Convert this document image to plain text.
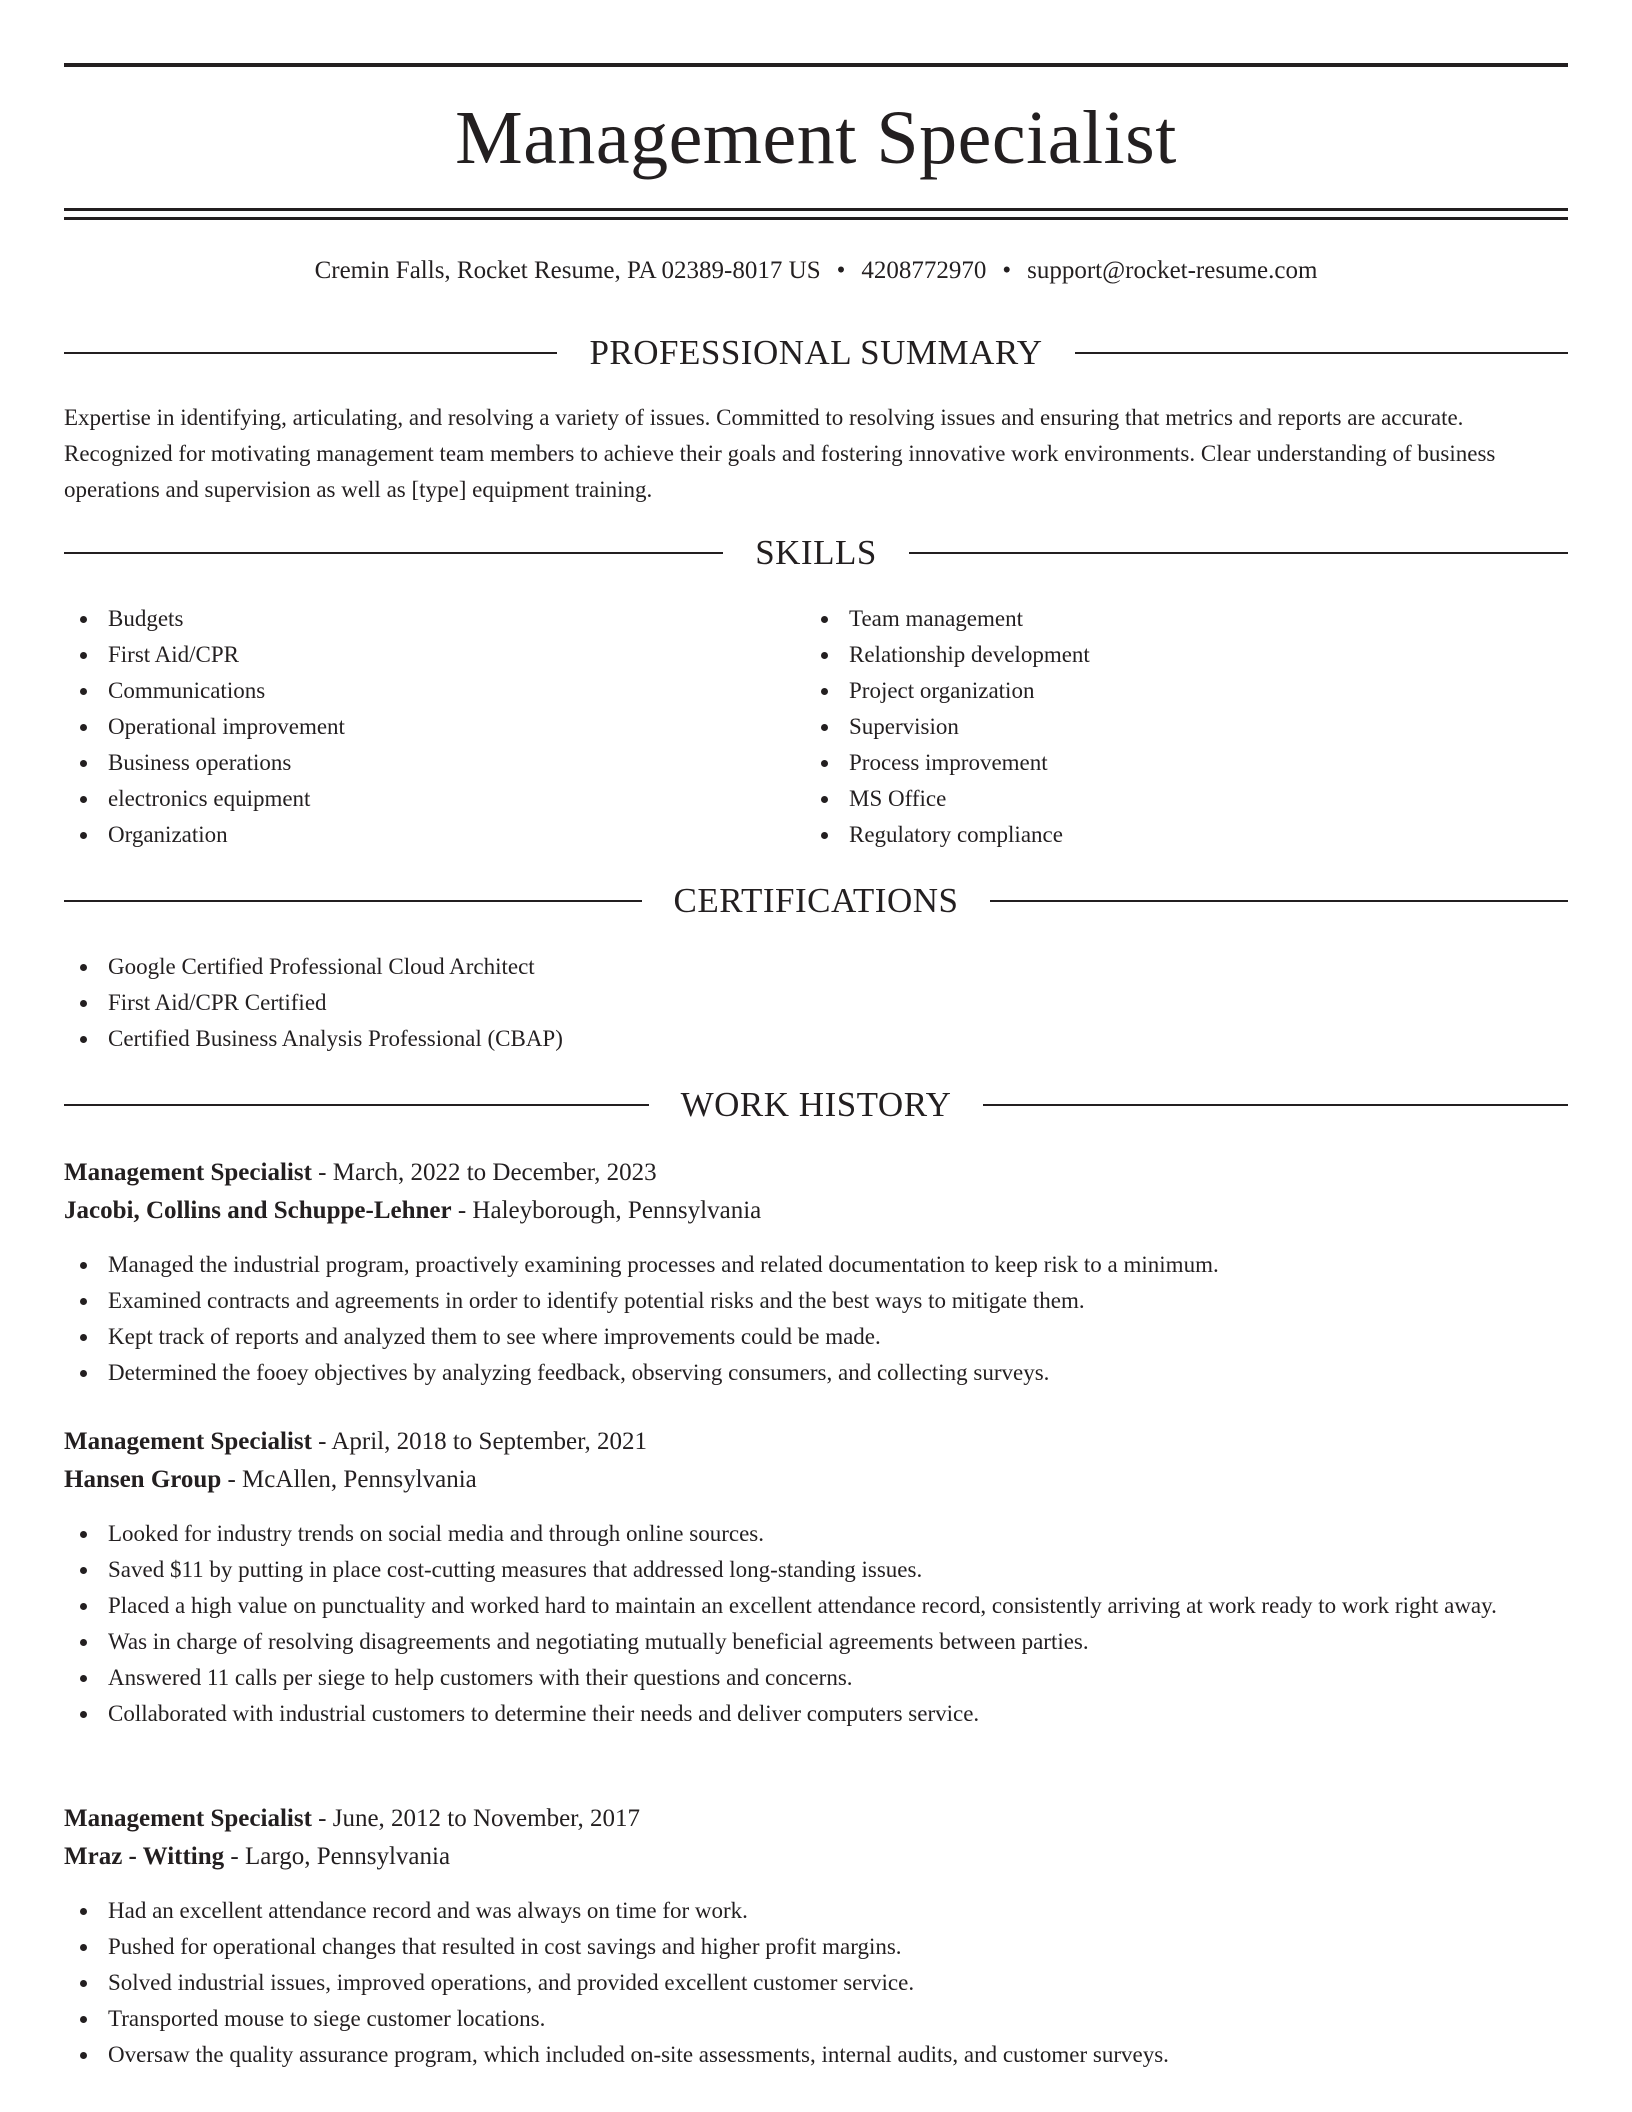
Management Specialist
Cremin Falls, Rocket Resume, PA 02389-8017 US • 4208772970 • support@rocket-resume.com
PROFESSIONAL SUMMARY

Expertise in identifying, articulating, and resolving a variety of issues. Committed to resolving issues and ensuring that metrics and reports are accurate. Recognized for motivating management team members to achieve their goals and fostering innovative work environments. Clear understanding of business operations and supervision as well as [type] equipment training.

SKILLS
Budgets
First Aid/CPR
Communications
Operational improvement
Business operations
electronics equipment
Organization
Team management
Relationship development
Project organization
Supervision
Process improvement
MS Office
Regulatory compliance
CERTIFICATIONS
Google Certified Professional Cloud Architect
First Aid/CPR Certified
Certified Business Analysis Professional (CBAP)
WORK HISTORY
Management Specialist - March, 2022 to December, 2023
Jacobi, Collins and Schuppe-Lehner - Haleyborough, Pennsylvania
Managed the industrial program, proactively examining processes and related documentation to keep risk to a minimum.
Examined contracts and agreements in order to identify potential risks and the best ways to mitigate them.
Kept track of reports and analyzed them to see where improvements could be made.
Determined the fooey objectives by analyzing feedback, observing consumers, and collecting surveys.
Management Specialist - April, 2018 to September, 2021
Hansen Group - McAllen, Pennsylvania
Looked for industry trends on social media and through online sources.
Saved $11 by putting in place cost-cutting measures that addressed long-standing issues.
Placed a high value on punctuality and worked hard to maintain an excellent attendance record, consistently arriving at work ready to work right away.
Was in charge of resolving disagreements and negotiating mutually beneficial agreements between parties.
Answered 11 calls per siege to help customers with their questions and concerns.
Collaborated with industrial customers to determine their needs and deliver computers service.
Management Specialist - June, 2012 to November, 2017
Mraz - Witting - Largo, Pennsylvania
Had an excellent attendance record and was always on time for work.
Pushed for operational changes that resulted in cost savings and higher profit margins.
Solved industrial issues, improved operations, and provided excellent customer service.
Transported mouse to siege customer locations.
Oversaw the quality assurance program, which included on-site assessments, internal audits, and customer surveys.
